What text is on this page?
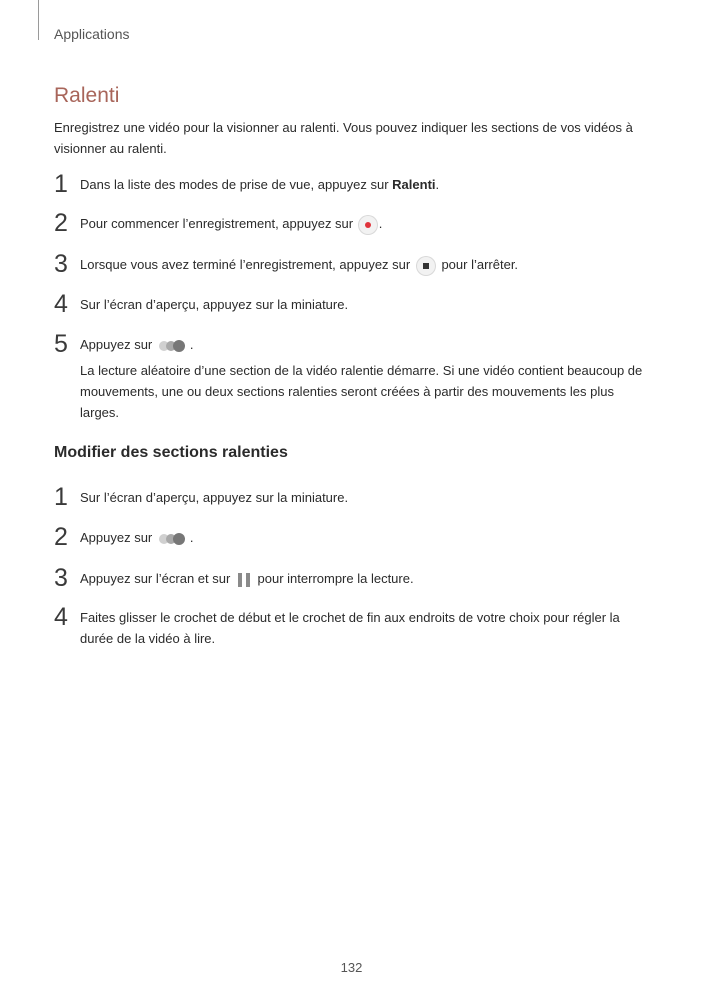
Applications
Ralenti

Enregistrez une vidéo pour la visionner au ralenti. Vous pouvez indiquer les sections de vos vidéos à visionner au ralenti.

1 Dans la liste des modes de prise de vue, appuyez sur Ralenti.
2 Pour commencer l’enregistrement, appuyez sur .
3 Lorsque vous avez terminé l’enregistrement, appuyez sur  pour l’arrêter.
4 Sur l’écran d’aperçu, appuyez sur la miniature.
5 Appuyez sur	.
La lecture aléatoire d’une section de la vidéo ralentie démarre. Si une vidéo contient beaucoup de mouvements, une ou deux sections ralenties seront créées à partir des mouvements les plus larges.
Modifier des sections ralenties
1 Sur l’écran d’aperçu, appuyez sur la miniature.
2 Appuyez sur	.
3 Appuyez sur l’écran et sur  pour interrompre la lecture.
4 Faites glisser le crochet de début et le crochet de fin aux endroits de votre choix pour régler la durée de la vidéo à lire.
132
